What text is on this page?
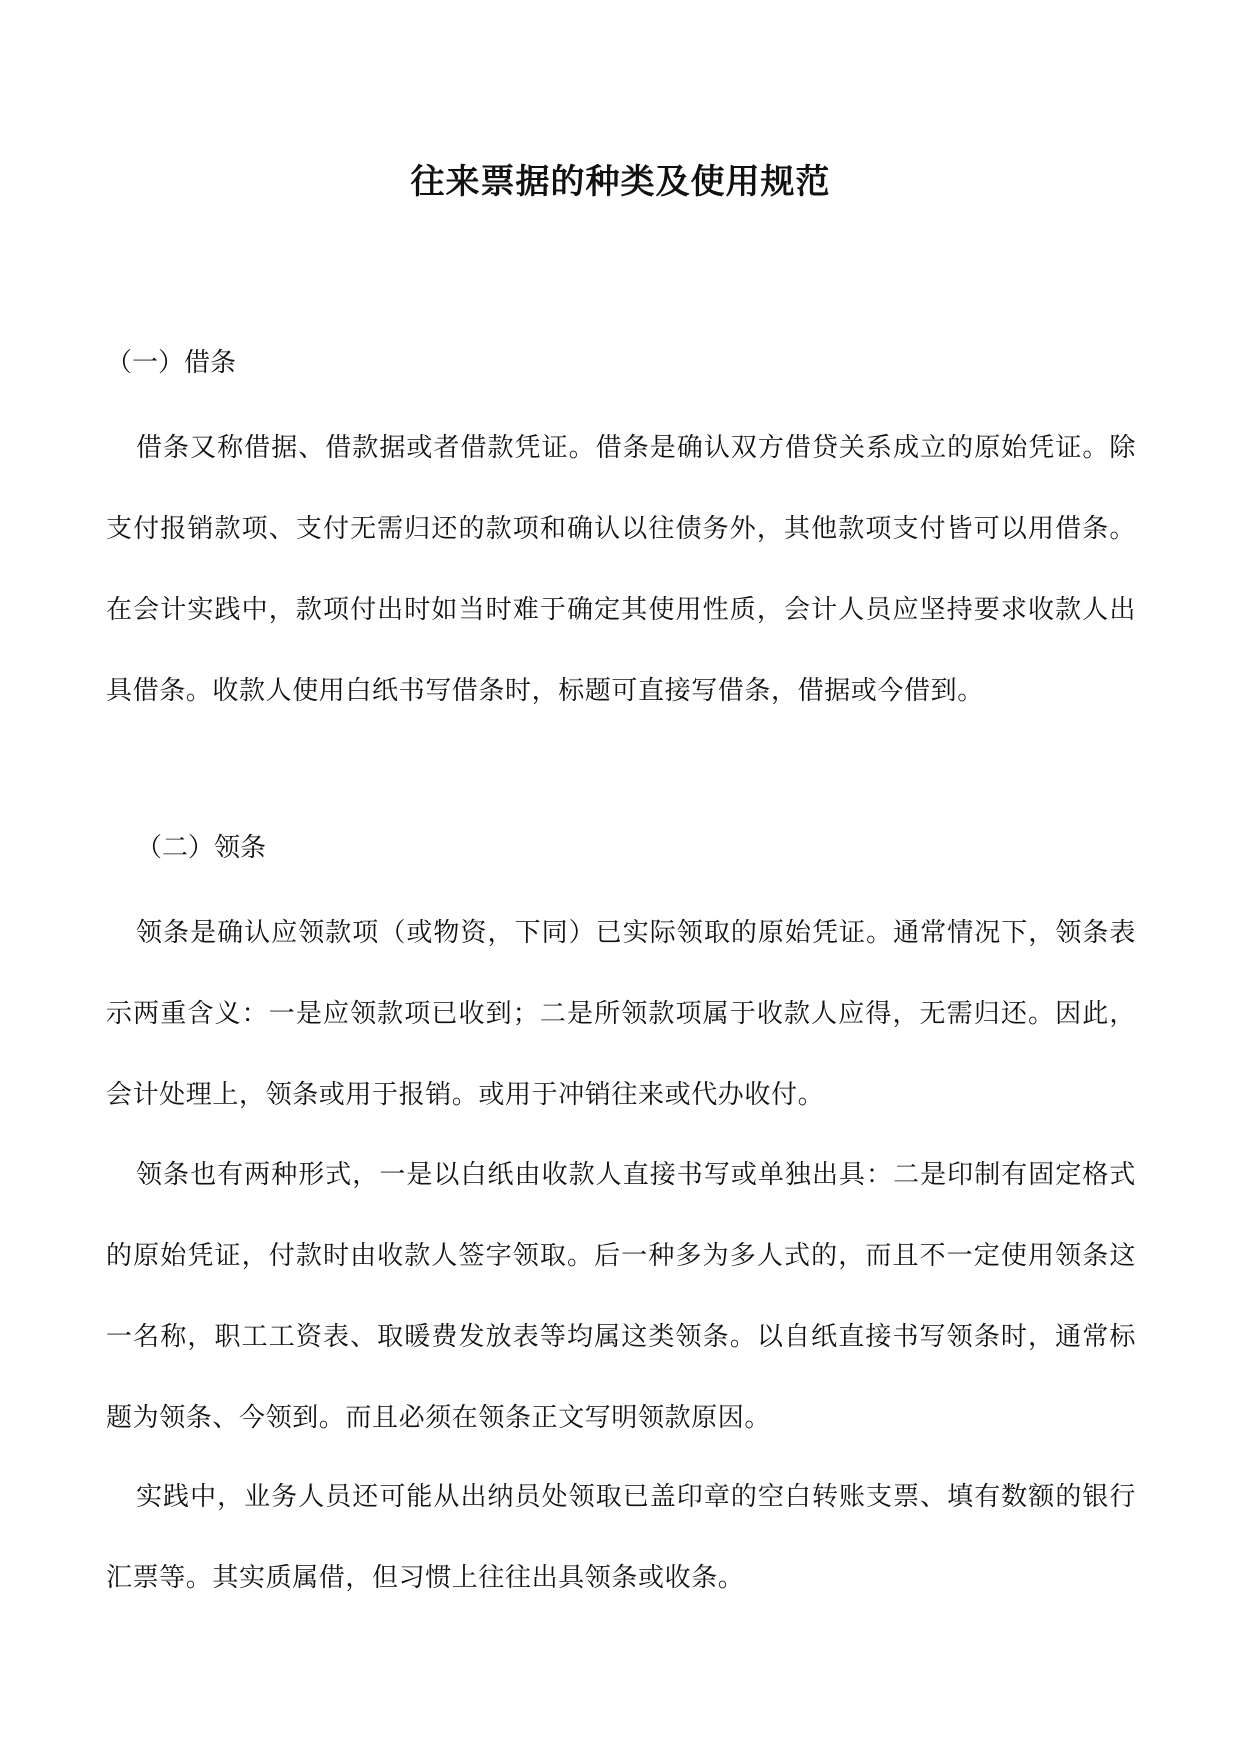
往来票据的种类及使用规范

（一）借条

借条又称借据、借款据或者借款凭证。借条是确认双方借贷关系成立的原始凭证。除支付报销款项、支付无需归还的款项和确认以往债务外，其他款项支付皆可以用借条。在会计实践中，款项付出时如当时难于确定其使用性质，会计人员应坚持要求收款人出具借条。收款人使用白纸书写借条时，标题可直接写借条，借据或今借到。

（二）领条

领条是确认应领款项（或物资，下同）已实际领取的原始凭证。通常情况下，领条表示两重含义：一是应领款项已收到；二是所领款项属于收款人应得，无需归还。因此，会计处理上，领条或用于报销。或用于冲销往来或代办收付。

领条也有两种形式，一是以白纸由收款人直接书写或单独出具：二是印制有固定格式的原始凭证，付款时由收款人签字领取。后一种多为多人式的，而且不一定使用领条这一名称，职工工资表、取暖费发放表等均属这类领条。以自纸直接书写领条时，通常标题为领条、今领到。而且必须在领条正文写明领款原因。

实践中，业务人员还可能从出纳员处领取已盖印章的空白转账支票、填有数额的银行汇票等。其实质属借，但习惯上往往出具领条或收条。
